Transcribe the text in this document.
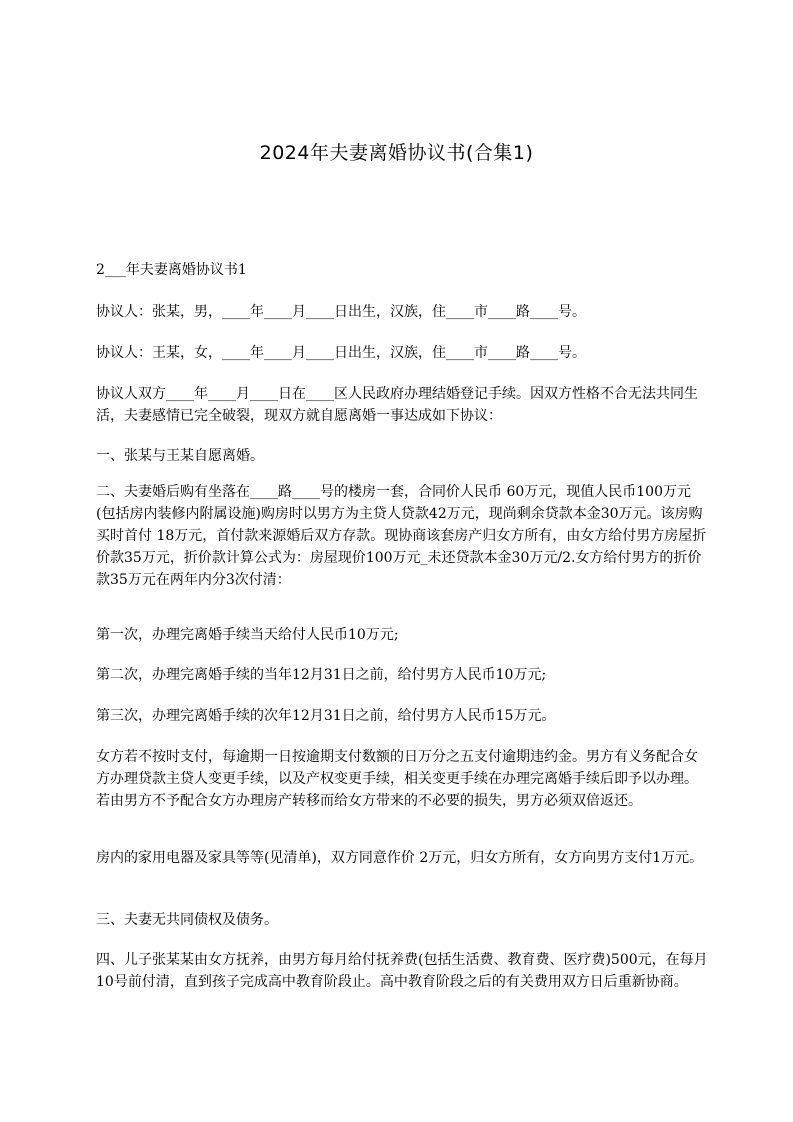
2024年夫妻离婚协议书(合集1)

2___年夫妻离婚协议书1

协议人：张某，男，____年____月____日出生，汉族，住____市____路____号。

协议人：王某，女，____年____月____日出生，汉族，住____市____路____号。

协议人双方____年____月____日在____区人民政府办理结婚登记手续。因双方性格不合无法共同生活，夫妻感情已完全破裂，现双方就自愿离婚一事达成如下协议：

一、张某与王某自愿离婚。

二、夫妻婚后购有坐落在____路____号的楼房一套，合同价人民币 60万元，现值人民币100万元(包括房内装修内附属设施)购房时以男方为主贷人贷款42万元，现尚剩余贷款本金30万元。该房购买时首付 18万元，首付款来源婚后双方存款。现协商该套房产归女方所有，由女方给付男方房屋折价款35万元，折价款计算公式为：房屋现价100万元_未还贷款本金30万元/2.女方给付男方的折价款35万元在两年内分3次付清：

第一次，办理完离婚手续当天给付人民币10万元;

第二次，办理完离婚手续的当年12月31日之前，给付男方人民币10万元;

第三次，办理完离婚手续的次年12月31日之前，给付男方人民币15万元。

女方若不按时支付，每逾期一日按逾期支付数额的日万分之五支付逾期违约金。男方有义务配合女方办理贷款主贷人变更手续，以及产权变更手续，相关变更手续在办理完离婚手续后即予以办理。若由男方不予配合女方办理房产转移而给女方带来的不必要的损失，男方必须双倍返还。

房内的家用电器及家具等等(见清单)，双方同意作价 2万元，归女方所有，女方向男方支付1万元。

三、夫妻无共同债权及债务。

四、儿子张某某由女方抚养，由男方每月给付抚养费(包括生活费、教育费、医疗费)500元，在每月10号前付清，直到孩子完成高中教育阶段止。高中教育阶段之后的有关费用双方日后重新协商。
